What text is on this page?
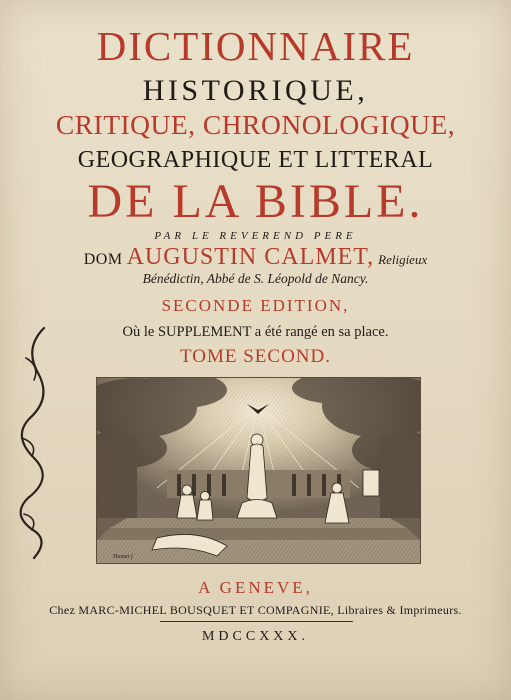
DICTIONNAIRE
HISTORIQUE,
CRITIQUE, CHRONOLOGIQUE,
GEOGRAPHIQUE ET LITTERAL
DE LA BIBLE.
PAR LE REVEREND PERE
DOM AUGUSTIN CALMET, Religieux
Bénédictin, Abbé de S. Léopold de Nancy.
SECONDE EDITION,
Où le SUPPLEMENT a été rangé en sa place.
TOME SECOND.
Humat f.
A GENEVE,
Chez MARC-MICHEL BOUSQUET ET COMPAGNIE, Libraires & Imprimeurs.
MDCCXXX.
